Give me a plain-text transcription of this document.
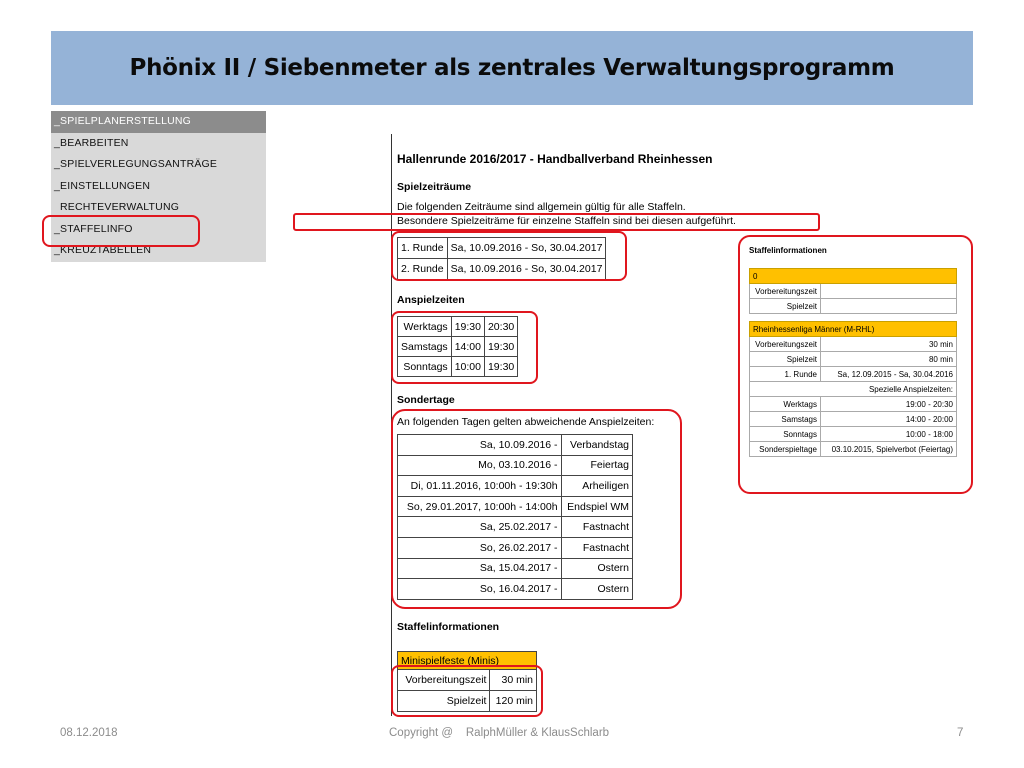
Phönix II / Siebenmeter als zentrales Verwaltungsprogramm
_SPIELPLANERSTELLUNG
_BEARBEITEN
_SPIELVERLEGUNGSANTRÄGE
_EINSTELLUNGEN
RECHTEVERWALTUNG
_STAFFELINFO
_KREUZTABELLEN
Hallenrunde 2016/2017 - Handballverband Rheinhessen
Spielzeiträume
Die folgenden Zeiträume sind allgemein gültig für alle Staffeln.
Besondere Spielzeiträme für einzelne Staffeln sind bei diesen aufgeführt.
1. Runde	Sa, 10.09.2016 - So, 30.04.2017
2. Runde	Sa, 10.09.2016 - So, 30.04.2017
Anspielzeiten
Werktags	19:30	20:30
Samstags	14:00	19:30
Sonntags	10:00	19:30
Sondertage
An folgenden Tagen gelten abweichende Anspielzeiten:
Sa, 10.09.2016 -	Verbandstag
Mo, 03.10.2016 -	Feiertag
Di, 01.11.2016, 10:00h - 19:30h	Arheiligen
So, 29.01.2017, 10:00h - 14:00h	Endspiel WM
Sa, 25.02.2017 -	Fastnacht
So, 26.02.2017 -	Fastnacht
Sa, 15.04.2017 -	Ostern
So, 16.04.2017 -	Ostern
Staffelinformationen
Minispielfeste (Minis)	
Vorbereitungszeit	30 min
Spielzeit	120 min
Staffelinformationen
0	
Vorbereitungszeit	
Spielzeit	

Rheinhessenliga Männer (M-RHL)	
Vorbereitungszeit	30 min
Spielzeit	80 min
1. Runde	Sa, 12.09.2015 - Sa, 30.04.2016
Spezielle Anspielzeiten:	
Werktags	19:00 - 20:30
Samstags	14:00 - 20:00
Sonntags	10:00 - 18:00
Sonderspieltage	03.10.2015, Spielverbot (Feiertag)
08.12.2018	Copyright @    RalphMüller & KlausSchlarb	7
